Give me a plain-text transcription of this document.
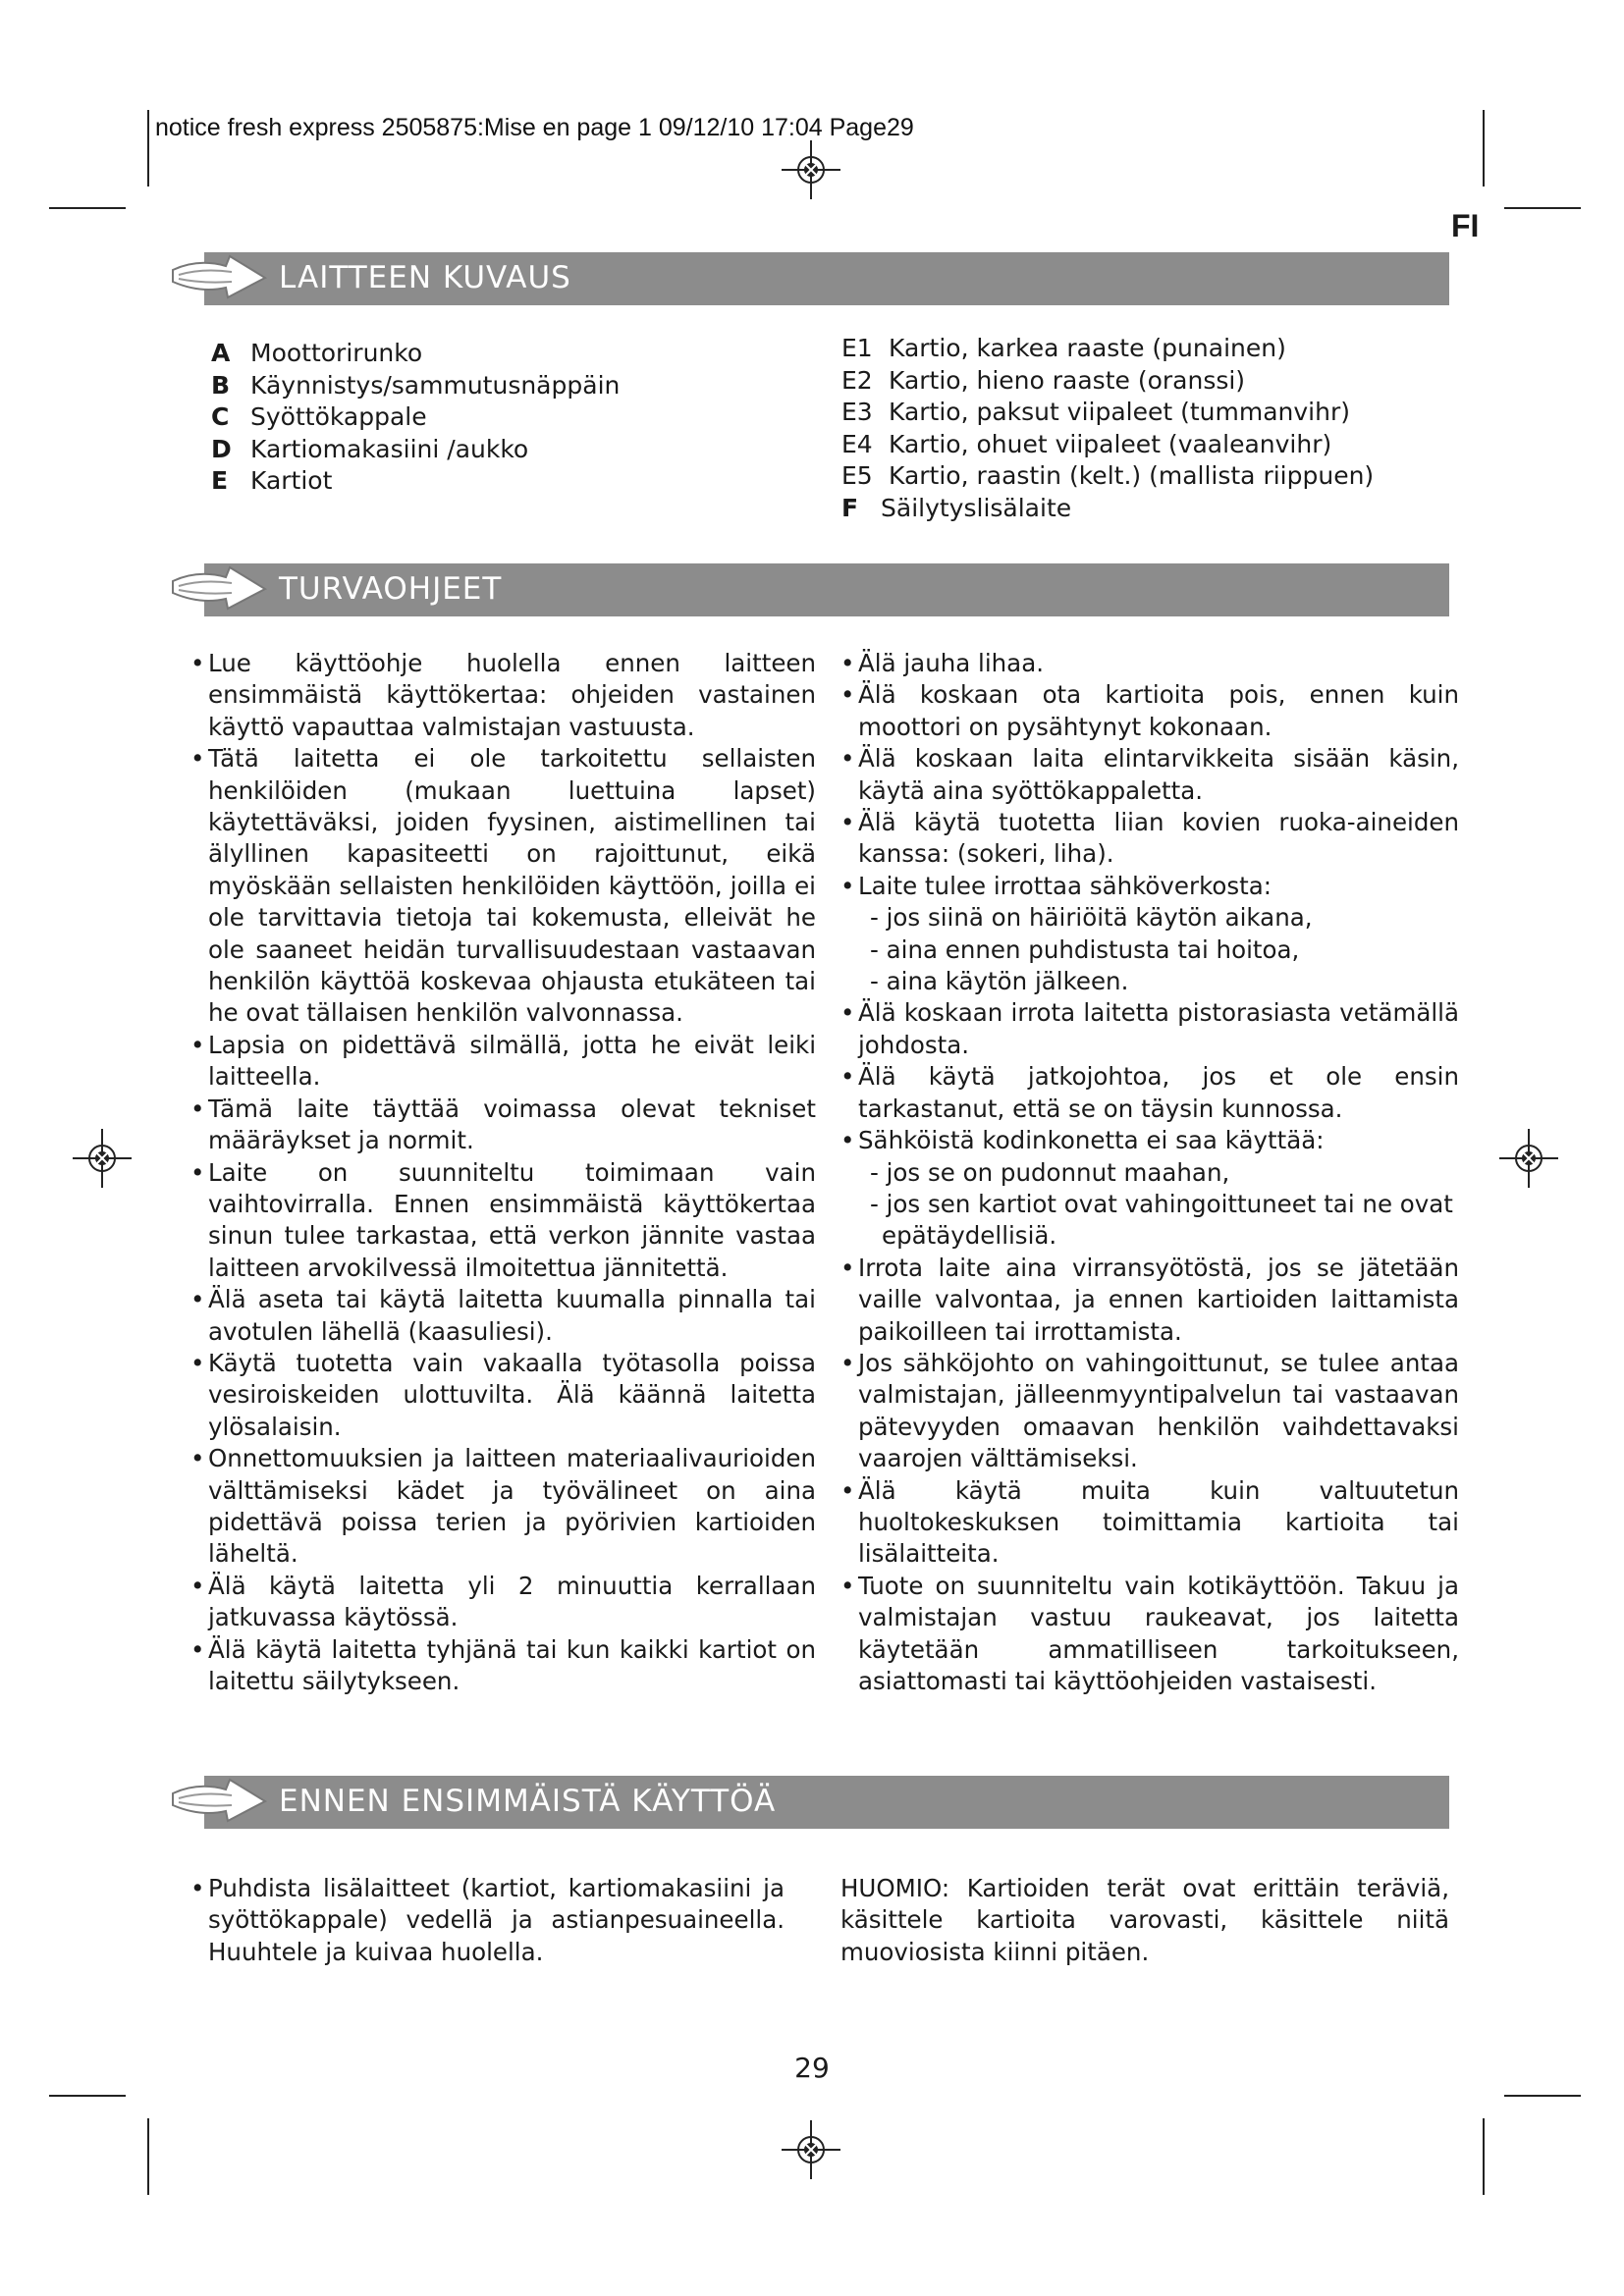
notice fresh express 2505875:Mise en page 1 09/12/10 17:04 Page29
FI
LAITTEEN KUVAUS
A Moottorirunko
B Käynnistys/sammutusnäppäin
C Syöttökappale
D Kartiomakasiini /aukko
E Kartiot
E1 Kartio, karkea raaste (punainen)
E2 Kartio, hieno raaste (oranssi)
E3 Kartio, paksut viipaleet (tummanvihr)
E4 Kartio, ohuet viipaleet (vaaleanvihr)
E5 Kartio, raastin (kelt.) (mallista riippuen)
F Säilytyslisälaite
TURVAOHJEET

• Lue käyttöohje huolella ennen laitteen ensimmäistä käyttökertaa: ohjeiden vastainen käyttö vapauttaa valmistajan vastuusta.

• Tätä laitetta ei ole tarkoitettu sellaisten henkilöiden (mukaan luettuina lapset) käytettäväksi, joiden fyysinen, aistimellinen tai älyllinen kapasiteetti on rajoittunut, eikä myöskään sellaisten henkilöiden käyttöön, joilla ei ole tarvittavia tietoja tai kokemusta, elleivät he ole saaneet heidän turvallisuudestaan vastaavan henkilön käyttöä koskevaa ohjausta etukäteen tai he ovat tällaisen henkilön valvonnassa.

• Lapsia on pidettävä silmällä, jotta he eivät leiki laitteella.

• Tämä laite täyttää voimassa olevat tekniset määräykset ja normit.

• Laite on suunniteltu toimimaan vain vaihtovirralla. Ennen ensimmäistä käyttökertaa sinun tulee tarkastaa, että verkon jännite vastaa laitteen arvokilvessä ilmoitettua jännitettä.

• Älä aseta tai käytä laitetta kuumalla pinnalla tai avotulen lähellä (kaasuliesi).

• Käytä tuotetta vain vakaalla työtasolla poissa vesiroiskeiden ulottuvilta. Älä käännä laitetta ylösalaisin.

• Onnettomuuksien ja laitteen materiaalivaurioiden välttämiseksi kädet ja työvälineet on aina pidettävä poissa terien ja pyörivien kartioiden läheltä.

• Älä käytä laitetta yli 2 minuuttia kerrallaan jatkuvassa käytössä.

• Älä käytä laitetta tyhjänä tai kun kaikki kartiot on laitettu säilytykseen.

• Älä jauha lihaa.

• Älä koskaan ota kartioita pois, ennen kuin moottori on pysähtynyt kokonaan.

• Älä koskaan laita elintarvikkeita sisään käsin, käytä aina syöttökappaletta.

• Älä käytä tuotetta liian kovien ruoka-aineiden kanssa: (sokeri, liha).

• Laite tulee irrottaa sähköverkosta:

- jos siinä on häiriöitä käytön aikana,

- aina ennen puhdistusta tai hoitoa,

- aina käytön jälkeen.

• Älä koskaan irrota laitetta pistorasiasta vetämällä johdosta.

• Älä käytä jatkojohtoa, jos et ole ensin tarkastanut, että se on täysin kunnossa.

• Sähköistä kodinkonetta ei saa käyttää:

- jos se on pudonnut maahan,

- jos sen kartiot ovat vahingoittuneet tai ne ovat epätäydellisiä.

• Irrota laite aina virransyötöstä, jos se jätetään vaille valvontaa, ja ennen kartioiden laittamista paikoilleen tai irrottamista.

• Jos sähköjohto on vahingoittunut, se tulee antaa valmistajan, jälleenmyyntipalvelun tai vastaavan pätevyyden omaavan henkilön vaihdettavaksi vaarojen välttämiseksi.

• Älä käytä muita kuin valtuutetun huoltokeskuksen toimittamia kartioita tai lisälaitteita.

• Tuote on suunniteltu vain kotikäyttöön. Takuu ja valmistajan vastuu raukeavat, jos laitetta käytetään ammatilliseen tarkoitukseen, asiattomasti tai käyttöohjeiden vastaisesti.

ENNEN ENSIMMÄISTÄ KÄYTTÖÄ

• Puhdista lisälaitteet (kartiot, kartiomakasiini ja syöttökappale) vedellä ja astianpesuaineella. Huuhtele ja kuivaa huolella.

HUOMIO: Kartioiden terät ovat erittäin teräviä, käsittele kartioita varovasti, käsittele niitä muoviosista kiinni pitäen.

29
